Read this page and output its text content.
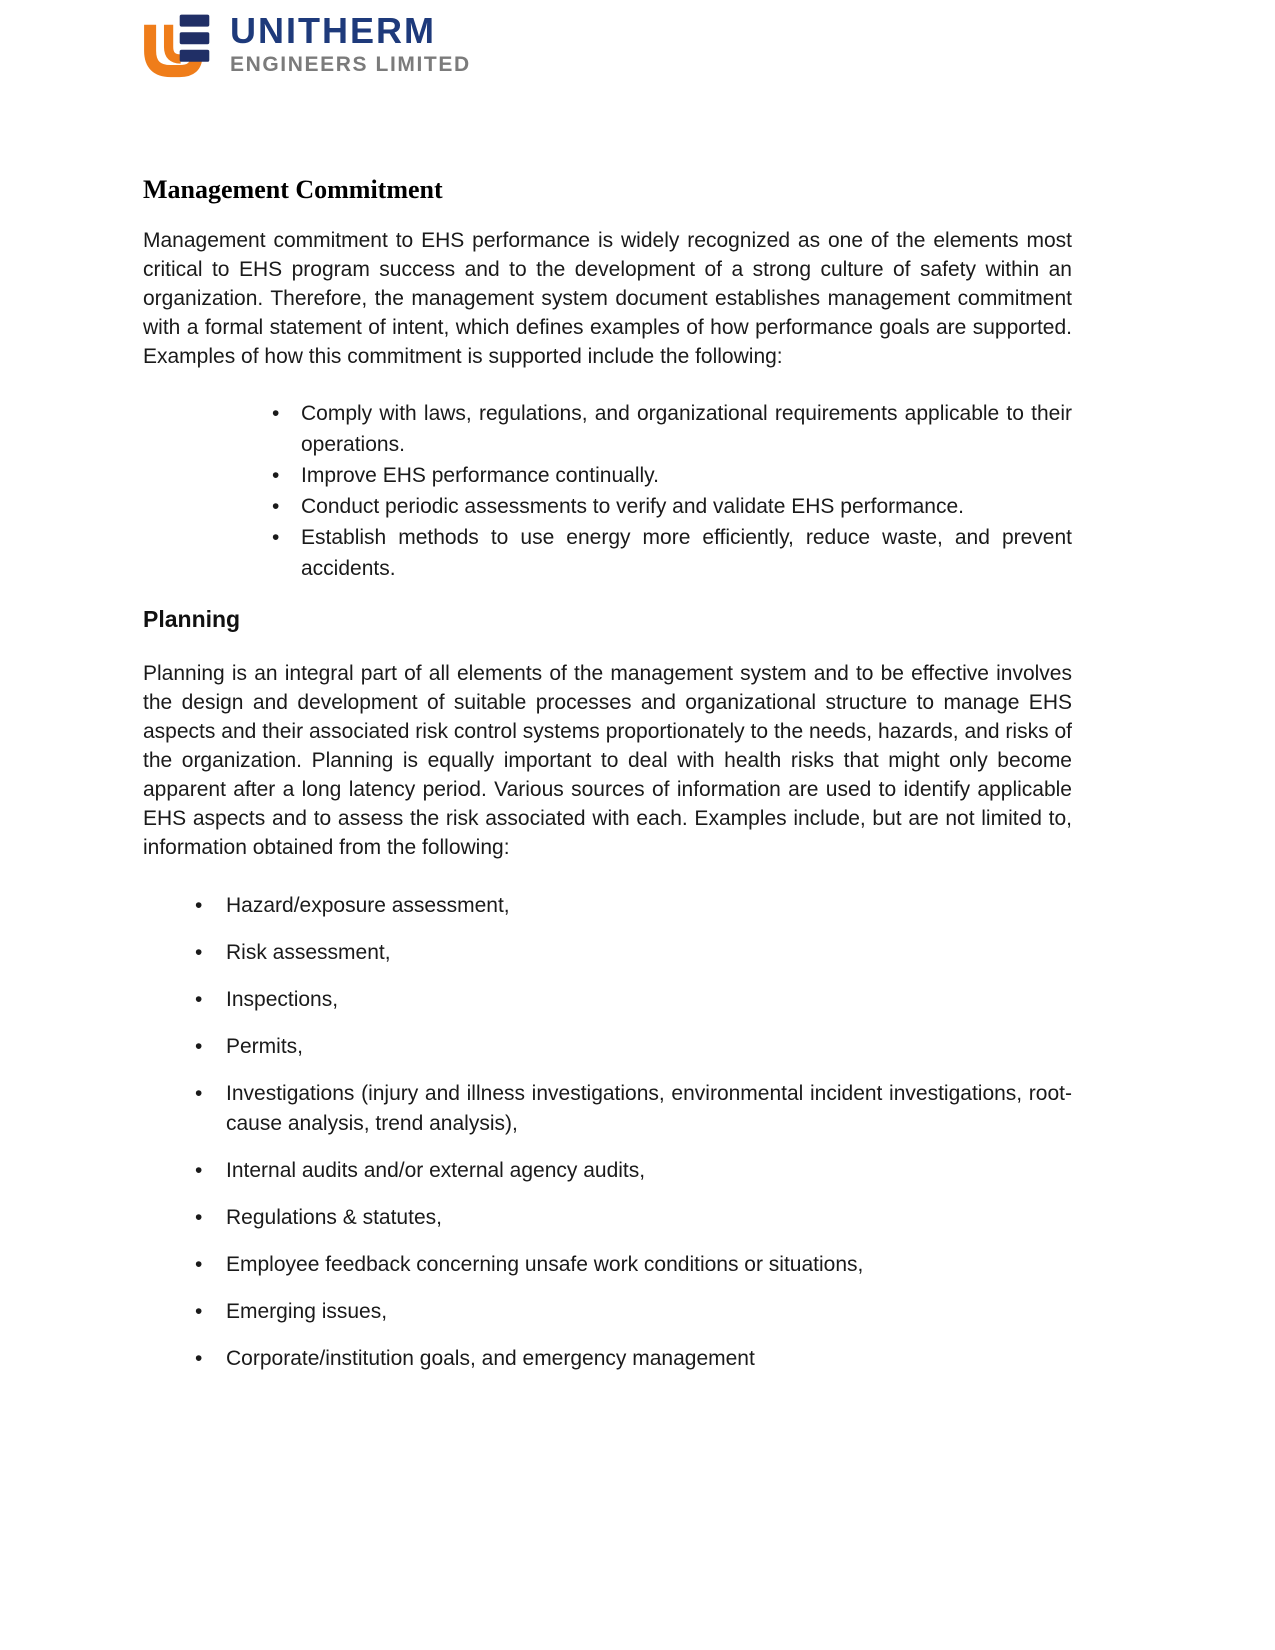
UNITHERM
ENGINEERS LIMITED
Management Commitment

Management commitment to EHS performance is widely recognized as one of the elements most critical to EHS program success and to the development of a strong culture of safety within an organization. Therefore, the management system document establishes management commitment with a formal statement of intent, which defines examples of how performance goals are supported. Examples of how this commitment is supported include the following:

• Comply with laws, regulations, and organizational requirements applicable to their operations.
• Improve EHS performance continually.
• Conduct periodic assessments to verify and validate EHS performance.
• Establish methods to use energy more efficiently, reduce waste, and prevent accidents.
Planning

Planning is an integral part of all elements of the management system and to be effective involves the design and development of suitable processes and organizational structure to manage EHS aspects and their associated risk control systems proportionately to the needs, hazards, and risks of the organization. Planning is equally important to deal with health risks that might only become apparent after a long latency period. Various sources of information are used to identify applicable EHS aspects and to assess the risk associated with each. Examples include, but are not limited to, information obtained from the following:

• Hazard/exposure assessment,
• Risk assessment,
• Inspections,
• Permits,
• Investigations (injury and illness investigations, environmental incident investigations, root-cause analysis, trend analysis),
• Internal audits and/or external agency audits,
• Regulations & statutes,
• Employee feedback concerning unsafe work conditions or situations,
• Emerging issues,
• Corporate/institution goals, and emergency management
